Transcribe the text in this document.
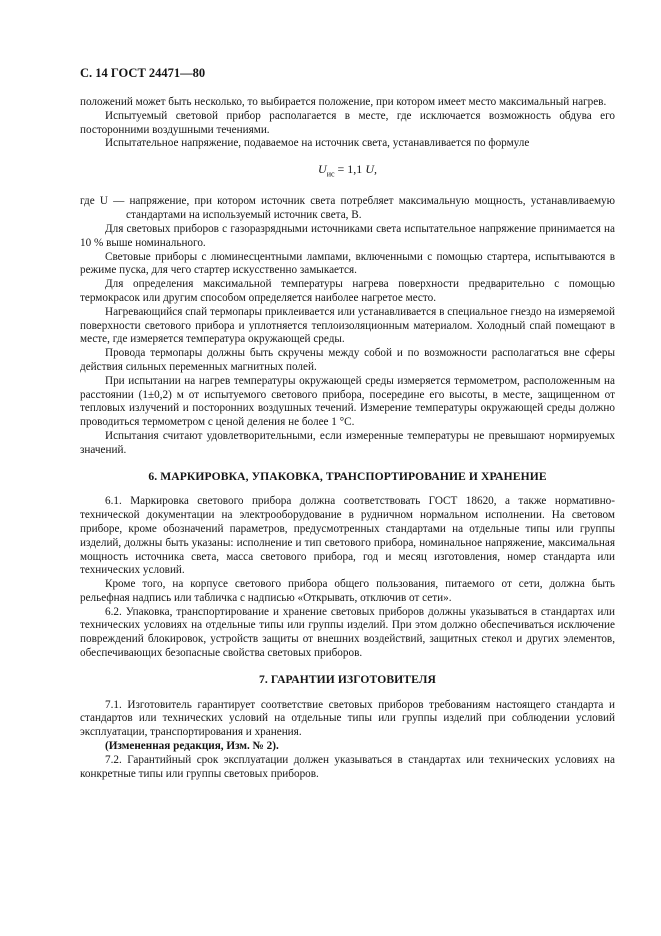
С. 14 ГОСТ 24471—80

положений может быть несколько, то выбирается положение, при котором имеет место максимальный нагрев.

Испытуемый световой прибор располагается в месте, где исключается возможность обдува его посторонними воздушными течениями.

Испытательное напряжение, подаваемое на источник света, устанавливается по формуле

$U_{ис} = 1,1$ U,

где U — напряжение, при котором источник света потребляет максимальную мощность, устанавливаемую стандартами на используемый источник света, В.

Для световых приборов с газоразрядными источниками света испытательное напряжение принимается на 10 % выше номинального.

Световые приборы с люминесцентными лампами, включенными с помощью стартера, испытываются в режиме пуска, для чего стартер искусственно замыкается.

Для определения максимальной температуры нагрева поверхности предварительно с помощью термокрасок или другим способом определяется наиболее нагретое место.

Нагревающийся спай термопары приклеивается или устанавливается в специальное гнездо на измеряемой поверхности светового прибора и уплотняется теплоизоляционным материалом. Холодный спай помещают в месте, где измеряется температура окружающей среды.

Провода термопары должны быть скручены между собой и по возможности располагаться вне сферы действия сильных переменных магнитных полей.

При испытании на нагрев температуры окружающей среды измеряется термометром, расположенным на расстоянии (1±0,2) м от испытуемого светового прибора, посередине его высоты, в месте, защищенном от тепловых излучений и посторонних воздушных течений. Измерение температуры окружающей среды должно проводиться термометром с ценой деления не более 1 °С.

Испытания считают удовлетворительными, если измеренные температуры не превышают нормируемых значений.

6. МАРКИРОВКА, УПАКОВКА, ТРАНСПОРТИРОВАНИЕ И ХРАНЕНИЕ

6.1. Маркировка светового прибора должна соответствовать ГОСТ 18620, а также нормативно-технической документации на электрооборудование в рудничном нормальном исполнении. На световом приборе, кроме обозначений параметров, предусмотренных стандартами на отдельные типы или группы изделий, должны быть указаны: исполнение и тип светового прибора, номинальное напряжение, максимальная мощность источника света, масса светового прибора, год и месяц изготовления, номер стандарта или технических условий.

Кроме того, на корпусе светового прибора общего пользования, питаемого от сети, должна быть рельефная надпись или табличка с надписью «Открывать, отключив от сети».

6.2. Упаковка, транспортирование и хранение световых приборов должны указываться в стандартах или технических условиях на отдельные типы или группы изделий. При этом должно обеспечиваться исключение повреждений блокировок, устройств защиты от внешних воздействий, защитных стекол и других элементов, обеспечивающих безопасные свойства световых приборов.

7. ГАРАНТИИ ИЗГОТОВИТЕЛЯ

7.1. Изготовитель гарантирует соответствие световых приборов требованиям настоящего стандарта и стандартов или технических условий на отдельные типы или группы изделий при соблюдении условий эксплуатации, транспортирования и хранения.

(Измененная редакция, Изм. № 2).

7.2. Гарантийный срок эксплуатации должен указываться в стандартах или технических условиях на конкретные типы или группы световых приборов.
